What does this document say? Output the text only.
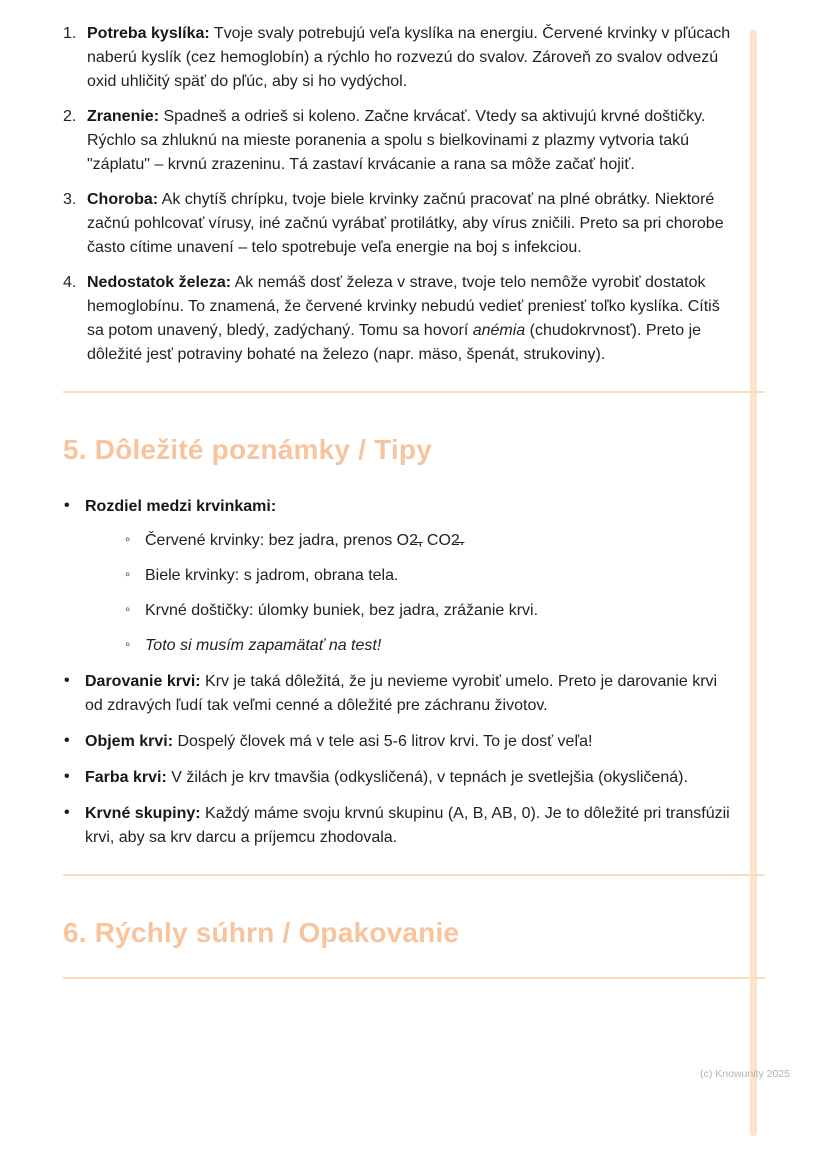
1. Potreba kyslíka: Tvoje svaly potrebujú veľa kyslíka na energiu. Červené krvinky v pľúcach naberú kyslík (cez hemoglobín) a rýchlo ho rozvezú do svalov. Zároveň zo svalov odvezú oxid uhličitý späť do pľúc, aby si ho vydýchol.
2. Zranenie: Spadneš a odrieš si koleno. Začne krvácať. Vtedy sa aktivujú krvné doštičky. Rýchlo sa zhluknú na mieste poranenia a spolu s bielkovinami z plazmy vytvoria takú "záplatu" – krvnú zrazeninu. Tá zastaví krvácanie a rana sa môže začať hojiť.
3. Choroba: Ak chytíš chrípku, tvoje biele krvinky začnú pracovať na plné obrátky. Niektoré začnú pohlcovať vírusy, iné začnú vyrábať protilátky, aby vírus zničili. Preto sa pri chorobe často cítime unavení – telo spotrebuje veľa energie na boj s infekciou.
4. Nedostatok železa: Ak nemáš dosť železa v strave, tvoje telo nemôže vyrobiť dostatok hemoglobínu. To znamená, že červené krvinky nebudú vedieť preniesť toľko kyslíka. Cítiš sa potom unavený, bledý, zadýchaný. Tomu sa hovorí anémia (chudokrvnosť). Preto je dôležité jesť potraviny bohaté na železo (napr. mäso, špenát, strukoviny).
5. Dôležité poznámky / Tipy
• Rozdiel medzi krvinkami:
◦ Červené krvinky: bez jadra, prenos O2̶, CO2̶.
◦ Biele krvinky: s jadrom, obrana tela.
◦ Krvné doštičky: úlomky buniek, bez jadra, zrážanie krvi.
◦ Toto si musím zapamätať na test!
• Darovanie krvi: Krv je taká dôležitá, že ju nevieme vyrobiť umelo. Preto je darovanie krvi od zdravých ľudí tak veľmi cenné a dôležité pre záchranu životov.
• Objem krvi: Dospelý človek má v tele asi 5-6 litrov krvi. To je dosť veľa!
• Farba krvi: V žilách je krv tmavšia (odkysličená), v tepnách je svetlejšia (okysličená).
• Krvné skupiny: Každý máme svoju krvnú skupinu (A, B, AB, 0). Je to dôležité pri transfúzii krvi, aby sa krv darcu a príjemcu zhodovala.
6. Rýchly súhrn / Opakovanie
(c) Knowunity 2025
